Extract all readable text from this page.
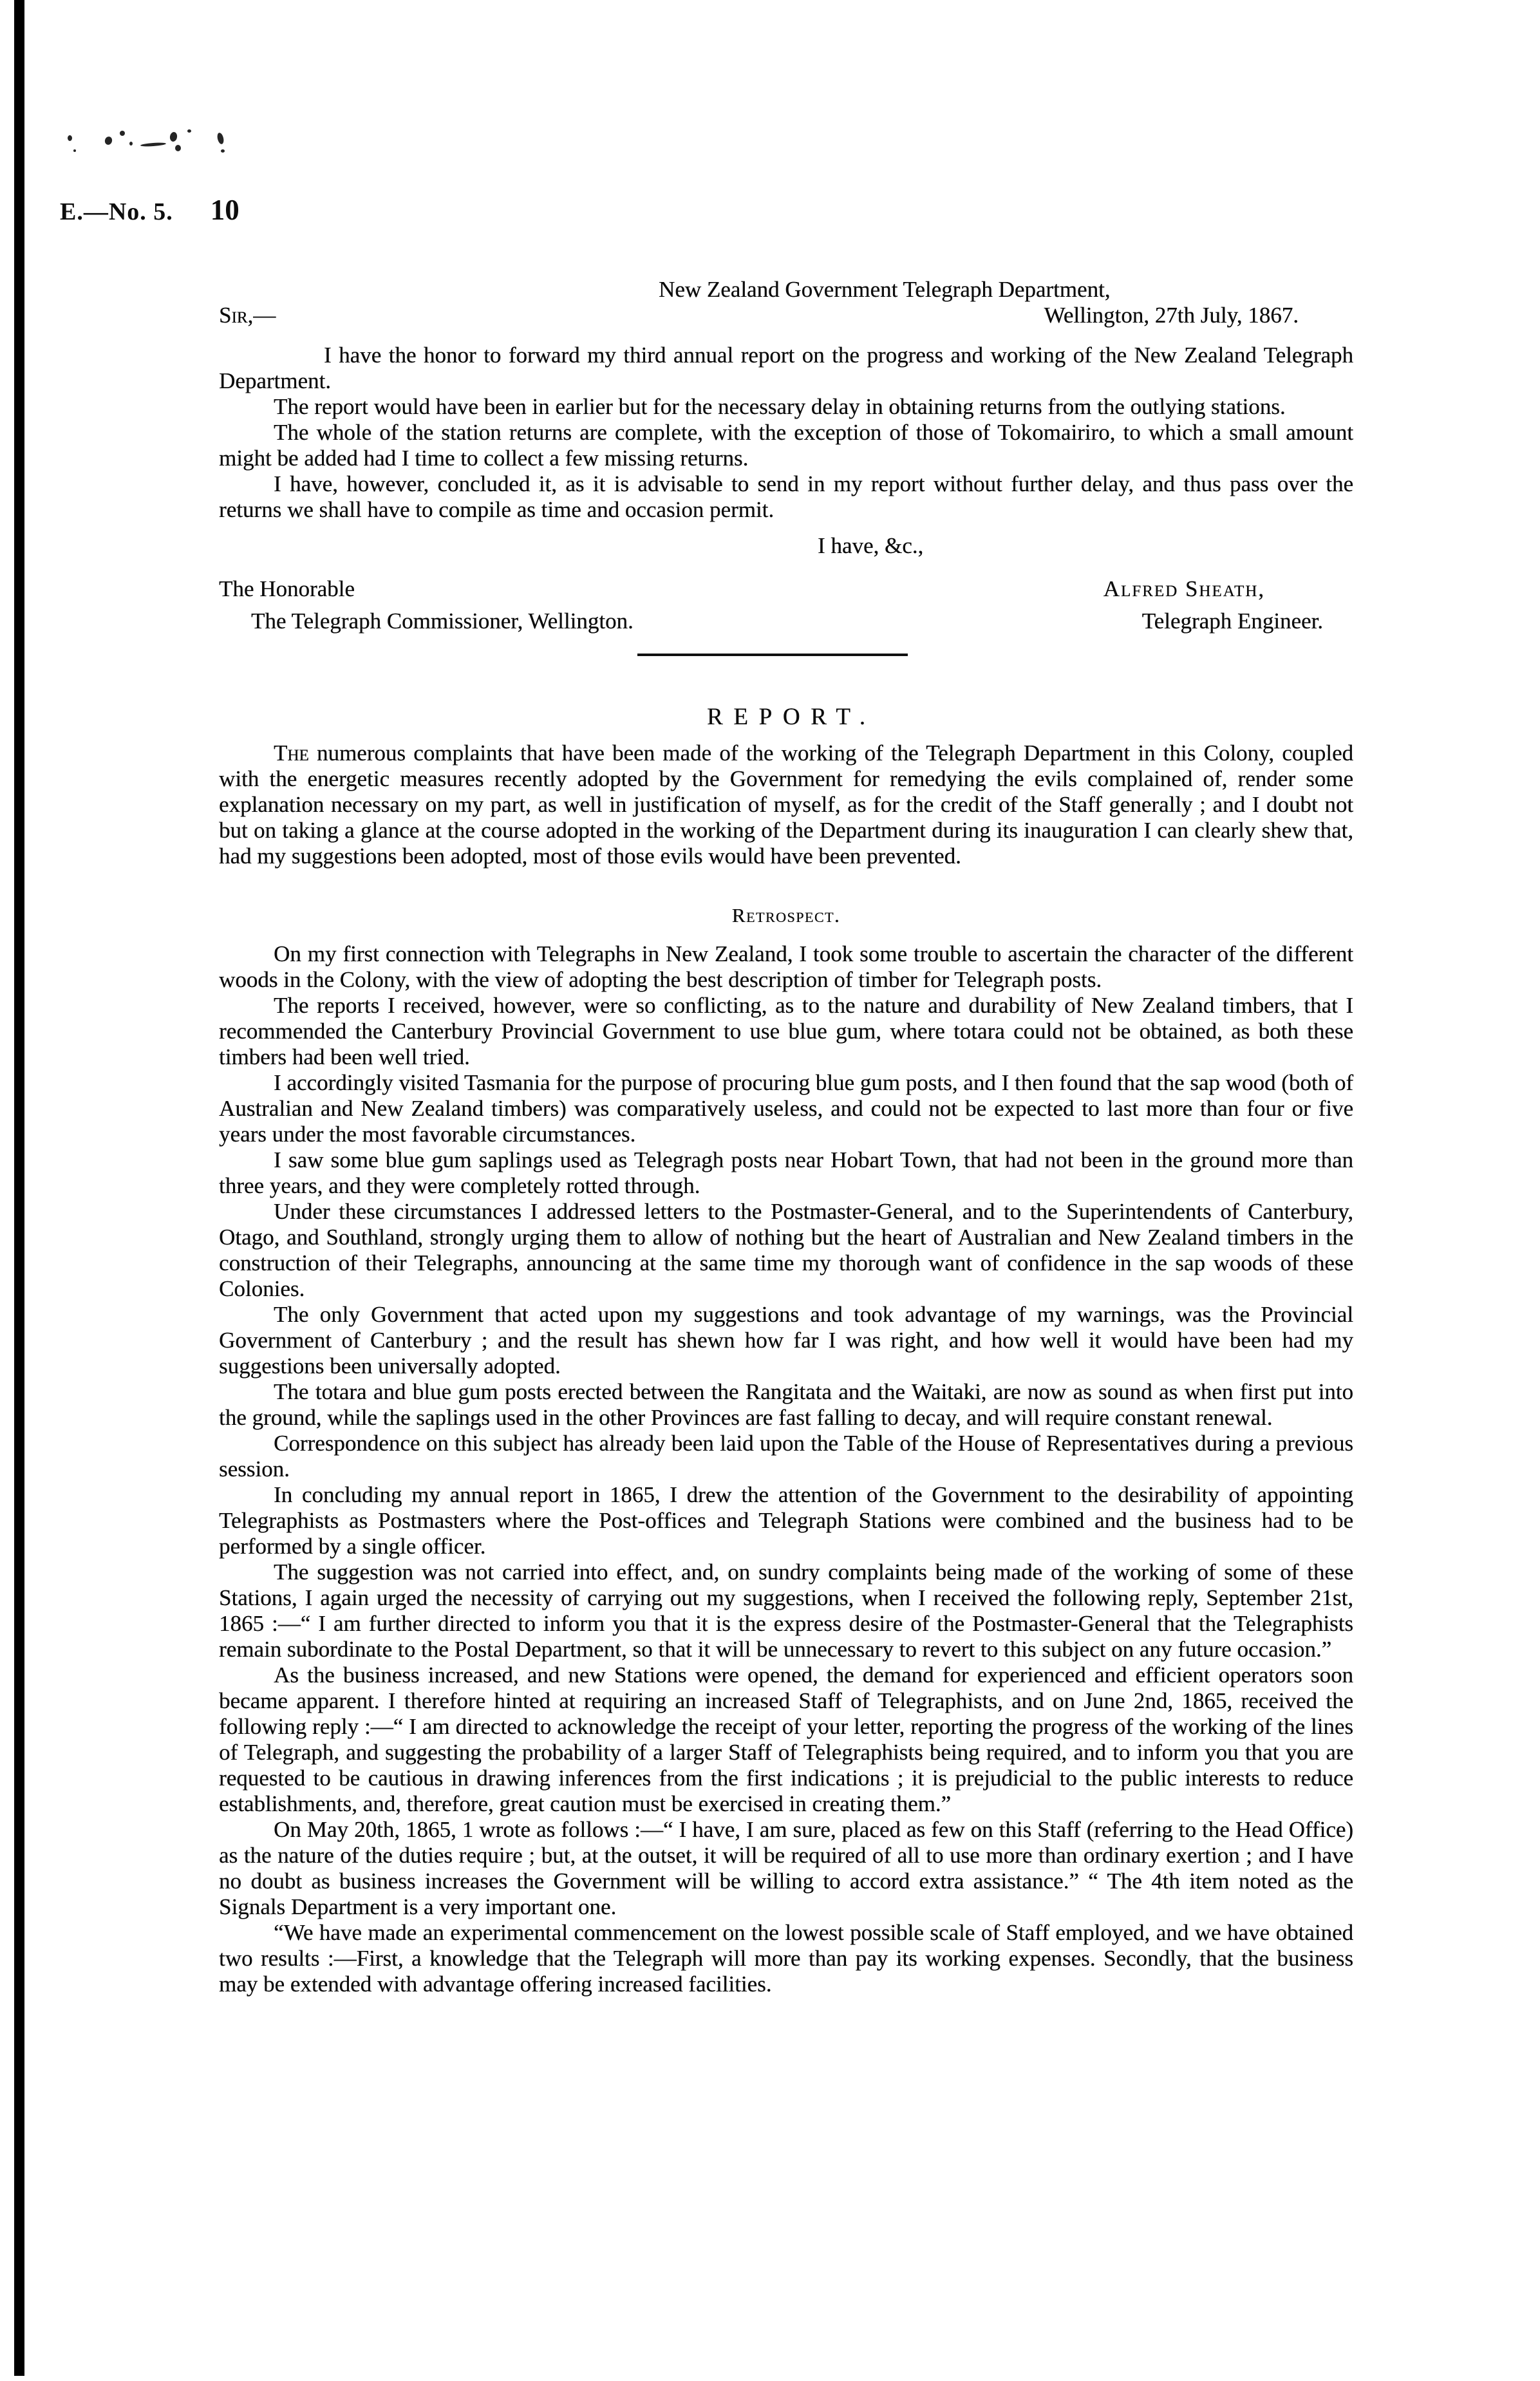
E.—No. 5. 10
New Zealand Government Telegraph Department,
Sir,—	Wellington, 27th July, 1867.

I have the honor to forward my third annual report on the progress and working of the New Zealand Telegraph Department.

The report would have been in earlier but for the necessary delay in obtaining returns from the outlying stations.

The whole of the station returns are complete, with the exception of those of Tokomairiro, to which a small amount might be added had I time to collect a few missing returns.

I have, however, concluded it, as it is advisable to send in my report without further delay, and thus pass over the returns we shall have to compile as time and occasion permit.

I have, &c.,
The Honorable	Alfred Sheath,
The Telegraph Commissioner, Wellington.	Telegraph Engineer.
REPORT.

The numerous complaints that have been made of the working of the Telegraph Department in this Colony, coupled with the energetic measures recently adopted by the Government for remedying the evils complained of, render some explanation necessary on my part, as well in justification of myself, as for the credit of the Staff generally ; and I doubt not but on taking a glance at the course adopted in the working of the Department during its inauguration I can clearly shew that, had my suggestions been adopted, most of those evils would have been prevented.

Retrospect.

On my first connection with Telegraphs in New Zealand, I took some trouble to ascertain the character of the different woods in the Colony, with the view of adopting the best description of timber for Telegraph posts.

The reports I received, however, were so conflicting, as to the nature and durability of New Zealand timbers, that I recommended the Canterbury Provincial Government to use blue gum, where totara could not be obtained, as both these timbers had been well tried.

I accordingly visited Tasmania for the purpose of procuring blue gum posts, and I then found that the sap wood (both of Australian and New Zealand timbers) was comparatively useless, and could not be expected to last more than four or five years under the most favorable circumstances.

I saw some blue gum saplings used as Telegragh posts near Hobart Town, that had not been in the ground more than three years, and they were completely rotted through.

Under these circumstances I addressed letters to the Postmaster-General, and to the Superintendents of Canterbury, Otago, and Southland, strongly urging them to allow of nothing but the heart of Australian and New Zealand timbers in the construction of their Telegraphs, announcing at the same time my thorough want of confidence in the sap woods of these Colonies.

The only Government that acted upon my suggestions and took advantage of my warnings, was the Provincial Government of Canterbury ; and the result has shewn how far I was right, and how well it would have been had my suggestions been universally adopted.

The totara and blue gum posts erected between the Rangitata and the Waitaki, are now as sound as when first put into the ground, while the saplings used in the other Provinces are fast falling to decay, and will require constant renewal.

Correspondence on this subject has already been laid upon the Table of the House of Representatives during a previous session.

In concluding my annual report in 1865, I drew the attention of the Government to the desirability of appointing Telegraphists as Postmasters where the Post-offices and Telegraph Stations were combined and the business had to be performed by a single officer.

The suggestion was not carried into effect, and, on sundry complaints being made of the working of some of these Stations, I again urged the necessity of carrying out my suggestions, when I received the following reply, September 21st, 1865 :—“ I am further directed to inform you that it is the express desire of the Postmaster-General that the Telegraphists remain subordinate to the Postal Department, so that it will be unnecessary to revert to this subject on any future occasion.”

As the business increased, and new Stations were opened, the demand for experienced and efficient operators soon became apparent. I therefore hinted at requiring an increased Staff of Telegraphists, and on June 2nd, 1865, received the following reply :—“ I am directed to acknowledge the receipt of your letter, reporting the progress of the working of the lines of Telegraph, and suggesting the probability of a larger Staff of Telegraphists being required, and to inform you that you are requested to be cautious in drawing inferences from the first indications ; it is prejudicial to the public interests to reduce establishments, and, therefore, great caution must be exercised in creating them.”

On May 20th, 1865, 1 wrote as follows :—“ I have, I am sure, placed as few on this Staff (referring to the Head Office) as the nature of the duties require ; but, at the outset, it will be required of all to use more than ordinary exertion ; and I have no doubt as business increases the Government will be willing to accord extra assistance.” “ The 4th item noted as the Signals Department is a very important one.

“We have made an experimental commencement on the lowest possible scale of Staff employed, and we have obtained two results :—First, a knowledge that the Telegraph will more than pay its working expenses. Secondly, that the business may be extended with advantage offering increased facilities.
